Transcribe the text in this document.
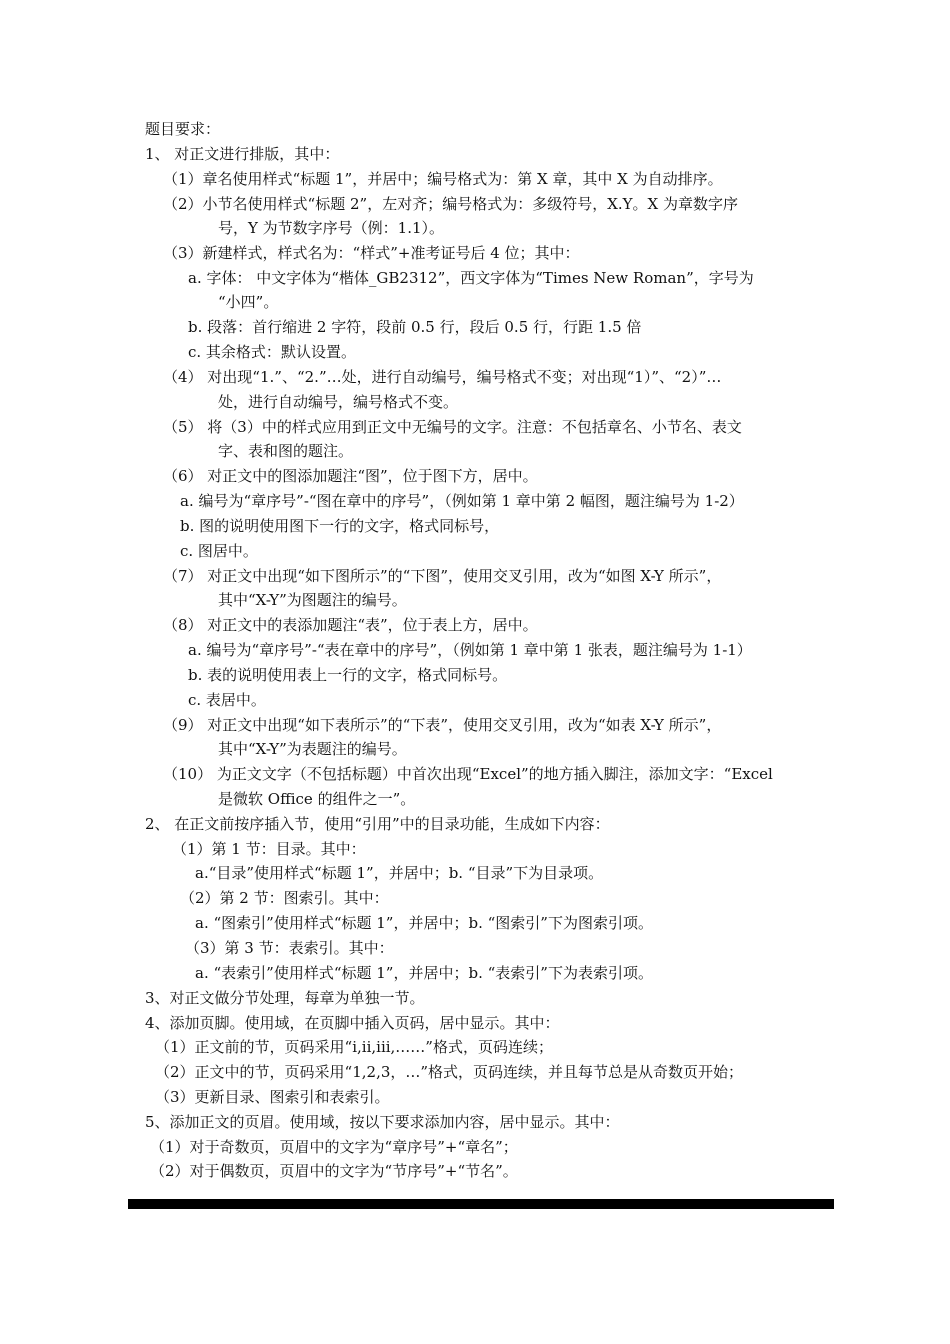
题目要求：
1、 对正文进行排版，其中：
（1）章名使用样式“标题 1”，并居中；编号格式为：第 X 章，其中 X 为自动排序。
（2）小节名使用样式“标题 2”，左对齐；编号格式为：多级符号，X.Y。X 为章数字序
号，Y 为节数字序号（例：1.1）。
（3）新建样式，样式名为：“样式”+准考证号后 4 位；其中：
a. 字体： 中文字体为“楷体_GB2312”，西文字体为“Times New Roman”，字号为
“小四”。
b. 段落：首行缩进 2 字符，段前 0.5 行，段后 0.5 行，行距 1.5 倍
c. 其余格式：默认设置。
（4） 对出现“1.”、“2.”…处，进行自动编号，编号格式不变；对出现“1）”、“2）”…
处，进行自动编号，编号格式不变。
（5） 将（3）中的样式应用到正文中无编号的文字。注意：不包括章名、小节名、表文
字、表和图的题注。
（6） 对正文中的图添加题注“图”，位于图下方，居中。
a. 编号为“章序号”-“图在章中的序号”，（例如第 1 章中第 2 幅图，题注编号为 1-2）
b. 图的说明使用图下一行的文字，格式同标号，
c. 图居中。
（7） 对正文中出现“如下图所示”的“下图”，使用交叉引用，改为“如图 X-Y 所示”，
其中“X-Y”为图题注的编号。
（8） 对正文中的表添加题注“表”，位于表上方，居中。
a. 编号为“章序号”-“表在章中的序号”，（例如第 1 章中第 1 张表，题注编号为 1-1）
b. 表的说明使用表上一行的文字，格式同标号。
c. 表居中。
（9） 对正文中出现“如下表所示”的“下表”，使用交叉引用，改为“如表 X-Y 所示”，
其中“X-Y”为表题注的编号。
（10） 为正文文字（不包括标题）中首次出现“Excel”的地方插入脚注，添加文字：“Excel
是微软 Office 的组件之一”。
2、 在正文前按序插入节，使用“引用”中的目录功能，生成如下内容：
（1）第 1 节：目录。其中：
a.“目录”使用样式“标题 1”，并居中；b. “目录”下为目录项。
（2）第 2 节：图索引。其中：
a. “图索引”使用样式“标题 1”，并居中；b. “图索引”下为图索引项。
（3）第 3 节：表索引。其中：
a. “表索引”使用样式“标题 1”，并居中；b. “表索引”下为表索引项。
3、对正文做分节处理，每章为单独一节。
4、添加页脚。使用域，在页脚中插入页码，居中显示。其中：
（1）正文前的节，页码采用“i,ii,iii,……”格式，页码连续；
（2）正文中的节，页码采用“1,2,3，…”格式，页码连续，并且每节总是从奇数页开始；
（3）更新目录、图索引和表索引。
5、添加正文的页眉。使用域，按以下要求添加内容，居中显示。其中：
（1）对于奇数页，页眉中的文字为“章序号”+“章名”；
（2）对于偶数页，页眉中的文字为“节序号”+“节名”。
